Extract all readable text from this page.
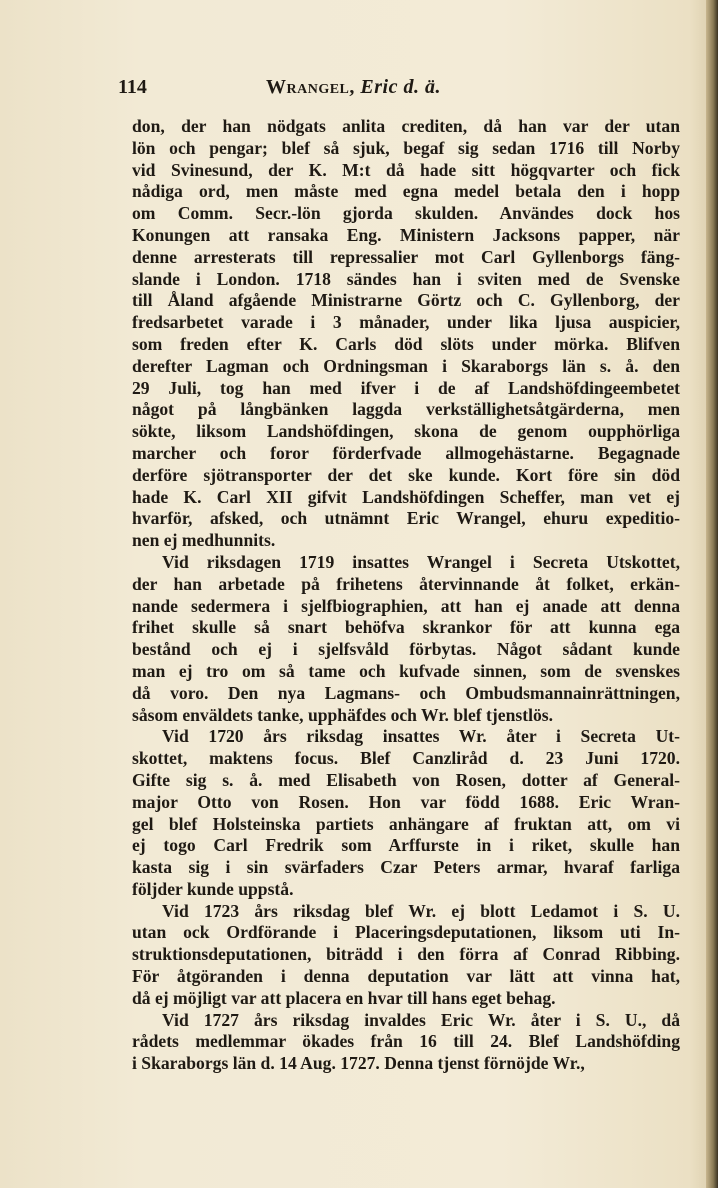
114	Wrangel, Eric d. ä.
don, der han nödgats anlita crediten, då han var der utan
lön och pengar; blef så sjuk, begaf sig sedan 1716 till Norby
vid Svinesund, der K. M:t då hade sitt högqvarter och fick
nådiga ord, men måste med egna medel betala den i hopp
om Comm. Secr.-lön gjorda skulden. Användes dock hos
Konungen att ransaka Eng. Ministern Jacksons papper, när
denne arresterats till repressalier mot Carl Gyllenborgs fäng-
slande i London. 1718 sändes han i sviten med de Svenske
till Åland afgående Ministrarne Görtz och C. Gyllenborg, der
fredsarbetet varade i 3 månader, under lika ljusa auspicier,
som freden efter K. Carls död slöts under mörka. Blifven
derefter Lagman och Ordningsman i Skaraborgs län s. å. den
29 Juli, tog han med ifver i de af Landshöfdingeembetet
något på långbänken laggda verkställighetsåtgärderna, men
sökte, liksom Landshöfdingen, skona de genom oupphörliga
marcher och foror förderfvade allmogehästarne. Begagnade
derföre sjötransporter der det ske kunde. Kort före sin död
hade K. Carl XII gifvit Landshöfdingen Scheffer, man vet ej
hvarför, afsked, och utnämnt Eric Wrangel, ehuru expeditio-
nen ej medhunnits.
Vid riksdagen 1719 insattes Wrangel i Secreta Utskottet,
der han arbetade på frihetens återvinnande åt folket, erkän-
nande sedermera i sjelfbiographien, att han ej anade att denna
frihet skulle så snart behöfva skrankor för att kunna ega
bestånd och ej i sjelfsvåld förbytas. Något sådant kunde
man ej tro om så tame och kufvade sinnen, som de svenskes
då voro. Den nya Lagmans- och Ombudsmannainrättningen,
såsom enväldets tanke, upphäfdes och Wr. blef tjenstlös.
Vid 1720 års riksdag insattes Wr. åter i Secreta Ut-
skottet, maktens focus. Blef Canzliråd d. 23 Juni 1720.
Gifte sig s. å. med Elisabeth von Rosen, dotter af General-
major Otto von Rosen. Hon var född 1688. Eric Wran-
gel blef Holsteinska partiets anhängare af fruktan att, om vi
ej togo Carl Fredrik som Arffurste in i riket, skulle han
kasta sig i sin svärfaders Czar Peters armar, hvaraf farliga
följder kunde uppstå.
Vid 1723 års riksdag blef Wr. ej blott Ledamot i S. U.
utan ock Ordförande i Placeringsdeputationen, liksom uti In-
struktionsdeputationen, biträdd i den förra af Conrad Ribbing.
För åtgöranden i denna deputation var lätt att vinna hat,
då ej möjligt var att placera en hvar till hans eget behag.
Vid 1727 års riksdag invaldes Eric Wr. åter i S. U., då
rådets medlemmar ökades från 16 till 24. Blef Landshöfding
i Skaraborgs län d. 14 Aug. 1727. Denna tjenst förnöjde Wr.,
